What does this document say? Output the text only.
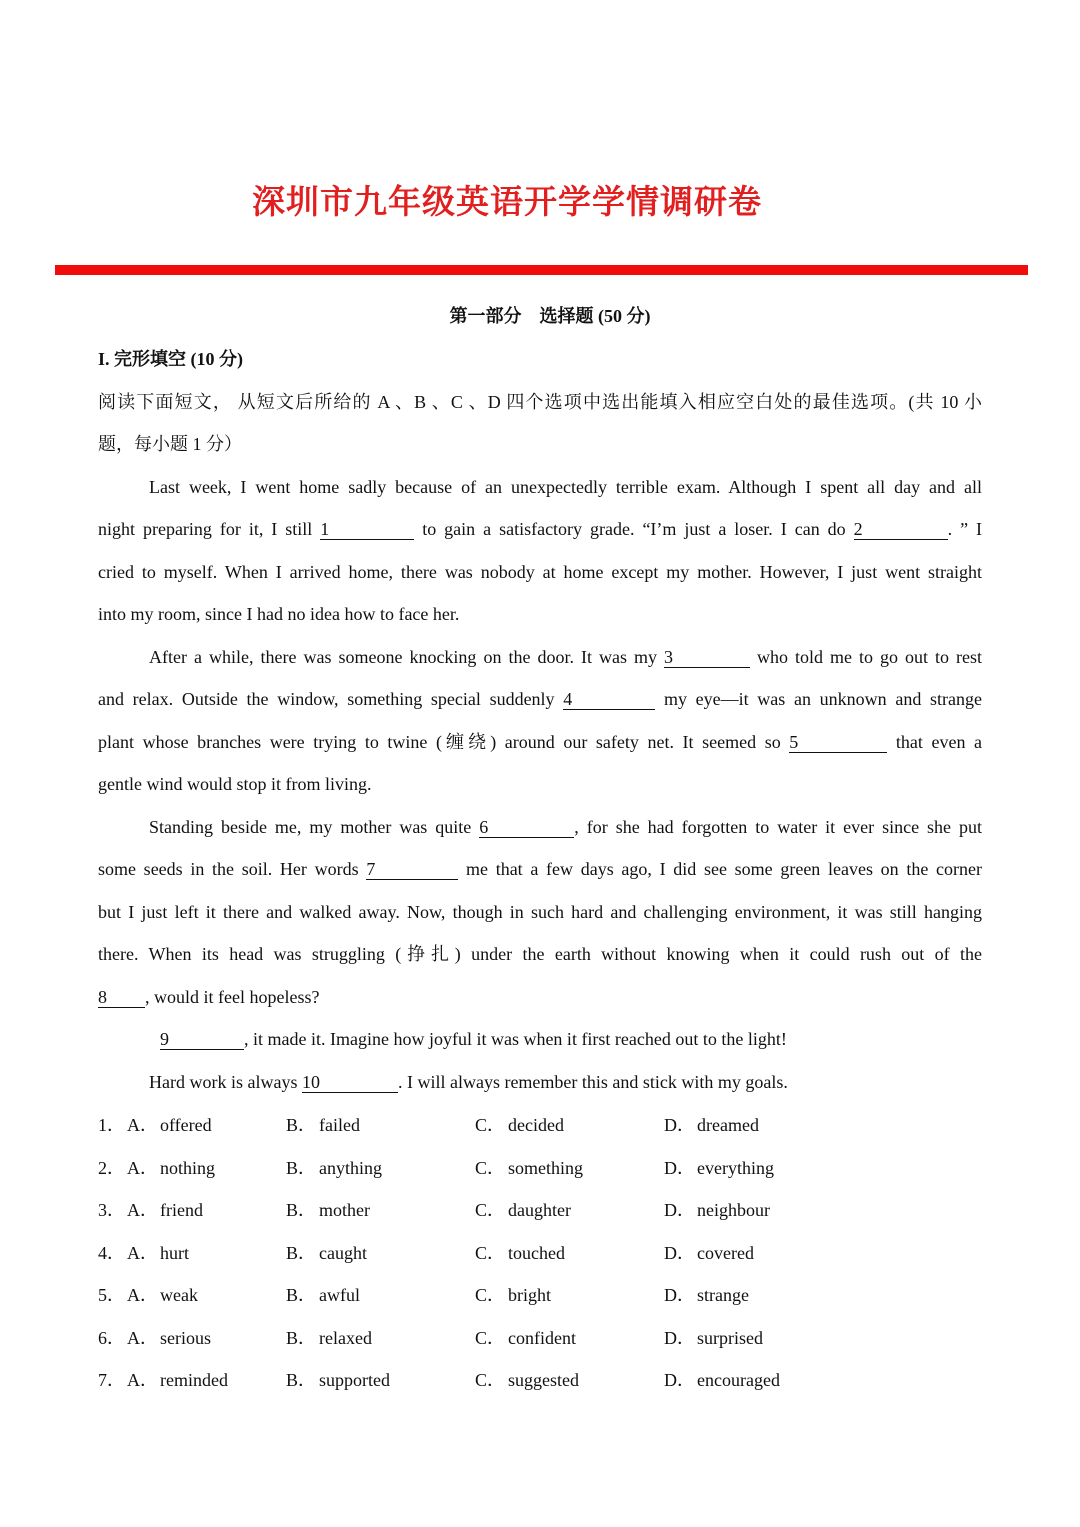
深圳市九年级英语开学学情调研卷
第一部分 选择题 (50 分)
I. 完形填空 (10 分)
阅读下面短文， 从短文后所给的 A 、B 、C 、D 四个选项中选出能填入相应空白处的最佳选项。(共 10 小
题，每小题 1 分）
Last week, I went home sadly because of an unexpectedly terrible exam. Although I spent all day and all
night preparing for it, I still 1	to gain a satisfactory grade. “I’m just a loser. I can do 2	. ” I
cried to myself. When I arrived home, there was nobody at home except my mother. However, I just went straight
into my room, since I had no idea how to face her.
After a while, there was someone knocking on the door. It was my 3	who told me to go out to rest
and relax. Outside the window, something special suddenly 4	my eye—it was an unknown and strange
plant whose branches were trying to twine (缠绕) around our safety net. It seemed so 5	that even a
gentle wind would stop it from living.
Standing beside me, my mother was quite 6	, for she had forgotten to water it ever since she put
some seeds in the soil. Her words 7	me that a few days ago, I did see some green leaves on the corner
but I just left it there and walked away. Now, though in such hard and challenging environment, it was still hanging
there. When its head was struggling (挣扎) under the earth without knowing when it could rush out of the
8 , would it feel hopeless?
9	, it made it. Imagine how joyful it was when it first reached out to the light!
Hard work is always 10	. I will always remember this and stick with my goals.
1． A． offered	B． failed	C． decided	D． dreamed
2． A． nothing	B． anything	C． something	D． everything
3． A． friend	B． mother	C． daughter	D． neighbour
4． A． hurt	B． caught	C． touched	D． covered
5． A． weak	B． awful	C． bright	D． strange
6． A． serious	B． relaxed	C． confident	D． surprised
7． A． reminded	B． supported	C． suggested	D． encouraged
